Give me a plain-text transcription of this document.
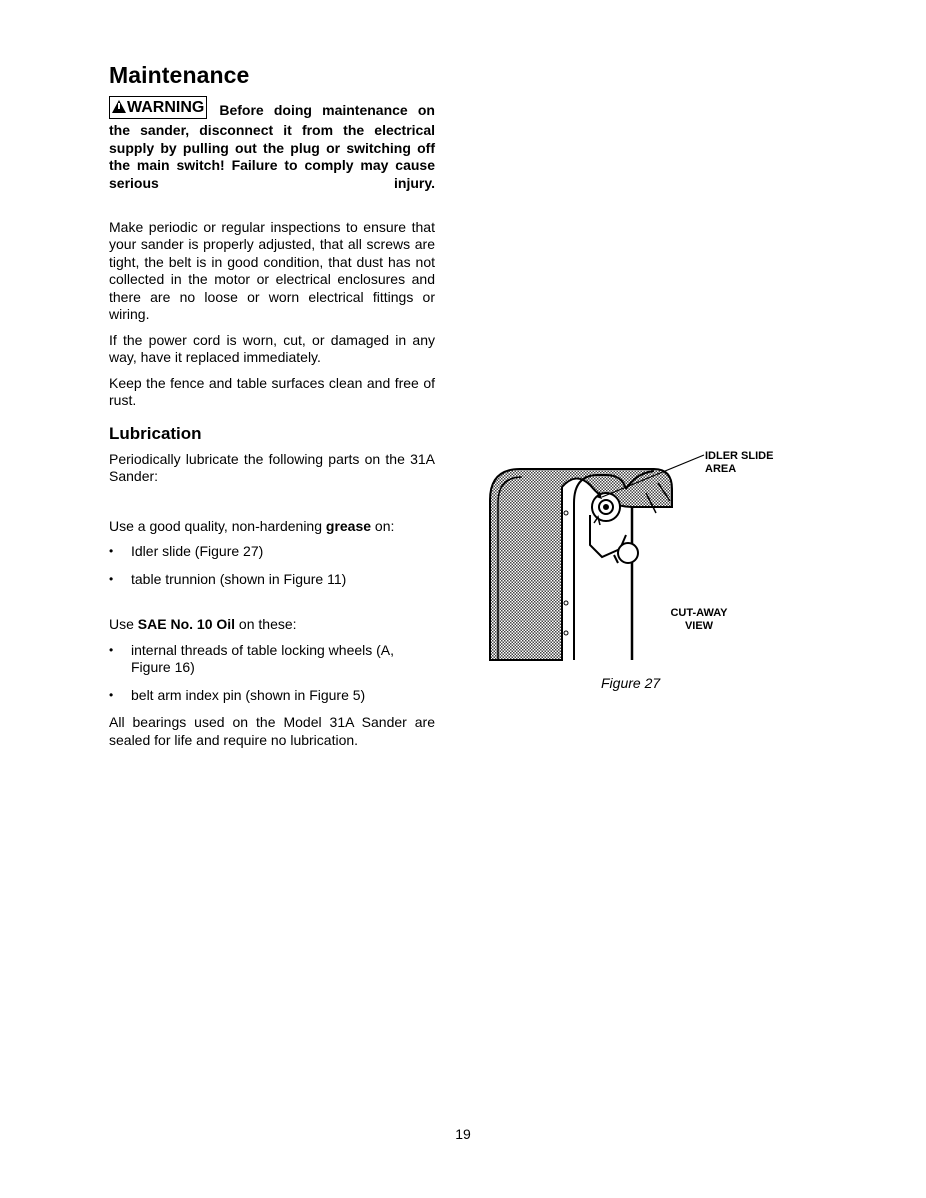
Maintenance

WARNING Before doing maintenance on the sander, disconnect it from the electrical supply by pulling out the plug or switching off the main switch! Failure to comply may cause serious injury.

Make periodic or regular inspections to ensure that your sander is properly adjusted, that all screws are tight, the belt is in good condition, that dust has not collected in the motor or electrical enclosures and there are no loose or worn electrical fittings or wiring.

If the power cord is worn, cut, or damaged in any way, have it replaced immediately.

Keep the fence and table surfaces clean and free of rust.

Lubrication

Periodically lubricate the following parts on the 31A Sander:

Use a good quality, non-hardening grease on:

• Idler slide (Figure 27)
• table trunnion (shown in Figure 11)

Use SAE No. 10 Oil on these:

• internal threads of table locking wheels (A, Figure 16)
• belt arm index pin (shown in Figure 5)

All bearings used on the Model 31A Sander are sealed for life and require no lubrication.

IDLER SLIDE
AREA
CUT-AWAY
VIEW
Figure 27
19
